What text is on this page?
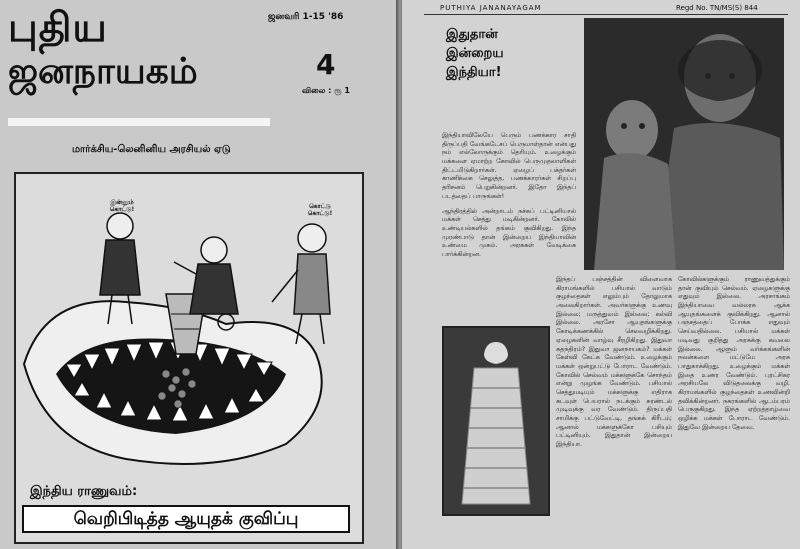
புதிய
ஜனநாயகம்
ஜனவரி 1-15 '86
4
விலை : ரூ 1
மார்க்சிய-லெனினிய அரசியல் ஏடு
இன்னும் கொட்டு!	கொட்டு கொட்டு!
இந்திய ராணுவம்:
வெறிபிடித்த ஆயுதக் குவிப்பு
PUTHIYA JANANAYAGAM	Regd No. TN/MS(S) 844
இதுதான்
இன்றைய
இந்தியா!

இந்தியாவிலேயே பெரும் பணக்கார சாதி திருப்பதி வேங்கடேசப் பெருமாள்தான் என்பது நம் எல்லோருக்கும் தெரியும். உழைக்கும் மக்களை ஏமாற்ற கோவில் பெருமுதலாளிகள் திட்டமிடுகிறார்கள். ஏழைப் பக்தர்கள் காணிக்கை செலுத்த, பணக்காரர்கள் சிறப்பு தரிசனம் பெறுகின்றனர். இதோ இந்தப் படத்தைப் பாருங்கள்!

ஆந்திரத்தில் அன்றாடம் நச்சுப் பட்டினியால் மக்கள் செத்து மடிகின்றனர். கோவில் உண்டியல்களில் தங்கம் குவிகிறது. இந்த முரண்பாடு தான் இன்றைய இந்தியாவின் உண்மை முகம். அரசுகள் வேடிக்கை பார்க்கின்றன.

இந்தப் பஞ்சத்தின் விளைவாக கிராமங்களில் பசியால் வாடும் குழந்தைகள் எலும்பும் தோலுமாக அலைகிறார்கள். அவர்களுக்கு உணவு இல்லை; மருத்துவம் இல்லை; கல்வி இல்லை. அரசோ ஆயுதங்களுக்கு கோடிக்கணக்கில் செலவழிக்கிறது. ஏழைகளின் வாழ்வு சீரழிகிறது. இதுவா சுதந்திரம்? இதுவா ஜனநாயகம்? மக்கள் கேள்வி கேட்க வேண்டும். உழைக்கும் மக்கள் ஒன்றுபட்டு போராட வேண்டும். கோவில் செல்வம் மக்களுக்கே சொந்தம் என்று முழங்க வேண்டும். பசியால் செத்துமடியும் மக்களுக்கு எதிராக கடவுள் பெயரால் நடக்கும் சுரண்டல் முடிவுக்கு வர வேண்டும். திருப்பதி சாமிக்கு பட்டுவேட்டி, தங்கக் கிரீடம்; ஆனால் மக்களுக்கோ பசியும் பட்டினியும். இதுதான் இன்றைய இந்தியா.
கோவில்களுக்கும் ராணுவத்துக்கும் தான் குவியும் செல்வம். ஏழைகளுக்கு எதுவும் இல்லை. அரசாங்கம் இந்தியாவை வல்லரசு ஆக்க ஆயுதங்களைக் குவிக்கிறது. ஆனால் பஞ்சத்தைப் போக்க எதுவும் செய்வதில்லை. பசியால் மக்கள் மடிவது குறித்து அரசுக்கு கவலை இல்லை. ஆளும் வர்க்கங்களின் நலன்களை மட்டுமே அரசு பாதுகாக்கிறது. உழைக்கும் மக்கள் இதை உணர வேண்டும். புரட்சிகர அரசியலே விடுதலைக்கு வழி. கிராமங்களில் குழந்தைகள் உணவின்றி தவிக்கின்றனர். நகரங்களில் ஆடம்பரம் பெருகுகிறது. இந்த ஏற்றத்தாழ்வை ஒழிக்க மக்கள் போராட வேண்டும். இதுவே இன்றைய தேவை.
